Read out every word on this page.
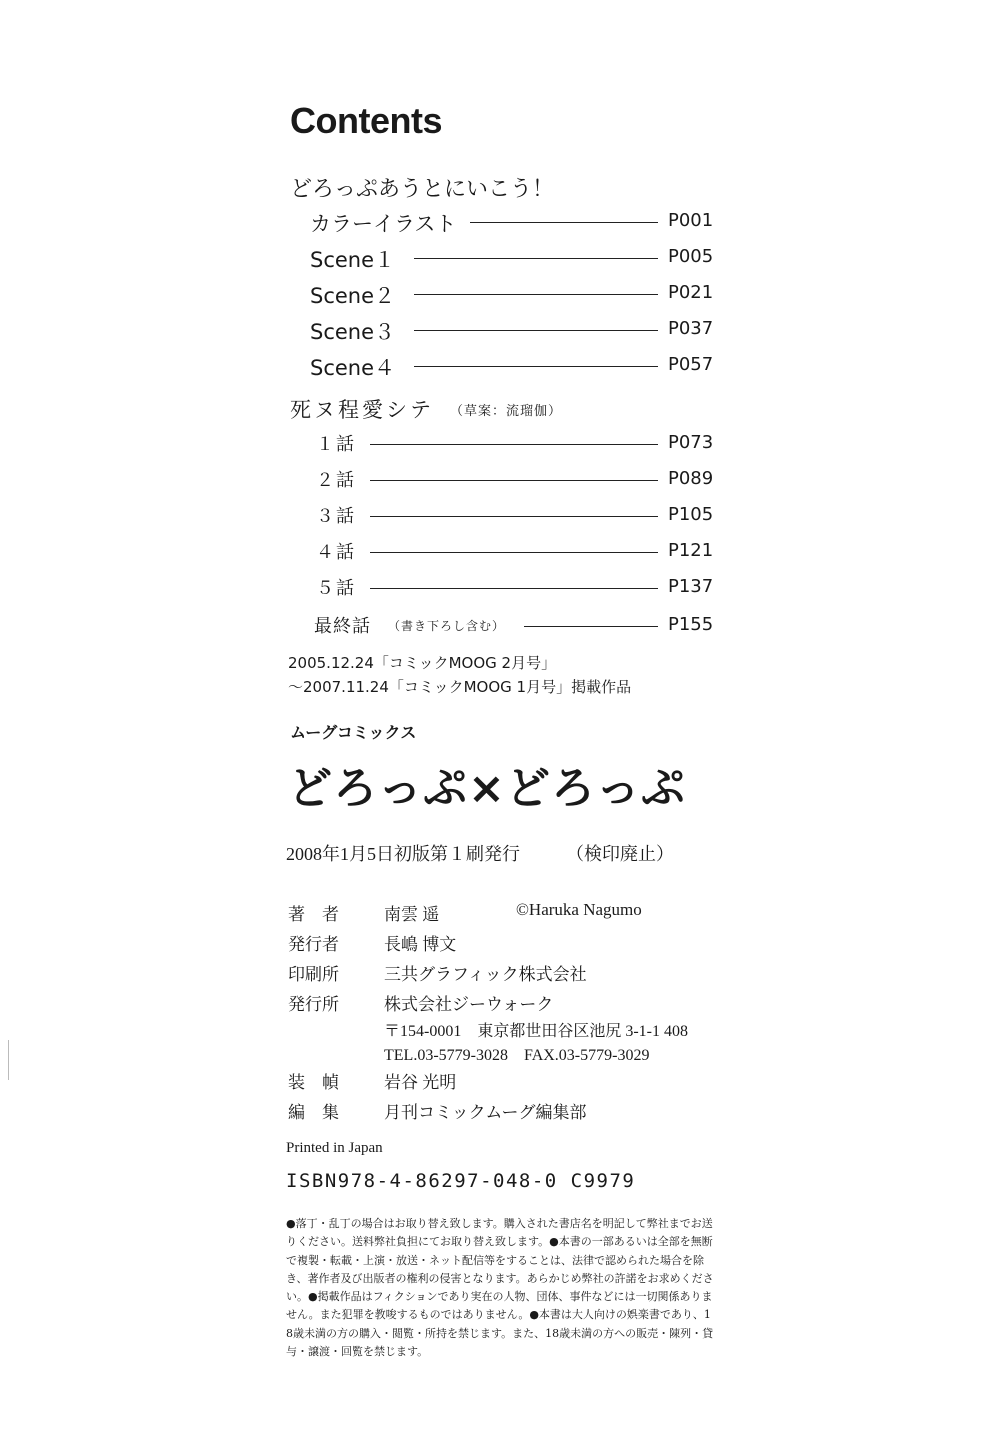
Contents
どろっぷあうとにいこう！
カラーイラスト	P001
Scene１	P005
Scene２	P021
Scene３	P037
Scene４	P057
死ヌ程愛シテ （草案：流瑠伽）
１話	P073
２話	P089
３話	P105
４話	P121
５話	P137
最終話 （書き下ろし含む）	P155
2005.12.24「コミックMOOG 2月号」
～2007.11.24「コミックMOOG 1月号」掲載作品
ムーグコミックス
どろっぷ×どろっぷ
2008年1月5日初版第１刷発行	（検印廃止）
著　者	南雲 遥	©Haruka Nagumo
発行者	長嶋 博文
印刷所	三共グラフィック株式会社
発行所	株式会社ジーウォーク
〒154-0001　東京都世田谷区池尻 3-1-1 408
TEL.03-5779-3028　FAX.03-5779-3029
装　幀	岩谷 光明
編　集	月刊コミックムーグ編集部
Printed in Japan
ISBN978-4-86297-048-0 C9979
●落丁・乱丁の場合はお取り替え致します。購入された書店名を明記して弊社までお送りください。送料弊社負担にてお取り替え致します。●本書の一部あるいは全部を無断で複製・転載・上演・放送・ネット配信等をすることは、法律で認められた場合を除き、著作者及び出版者の権利の侵害となります。あらかじめ弊社の許諾をお求めください。●掲載作品はフィクションであり実在の人物、団体、事件などには一切関係ありません。また犯罪を教唆するものではありません。●本書は大人向けの娯楽書であり、18歳未満の方の購入・閲覧・所持を禁じます。また、18歳未満の方への販売・陳列・貸与・譲渡・回覧を禁じます。
